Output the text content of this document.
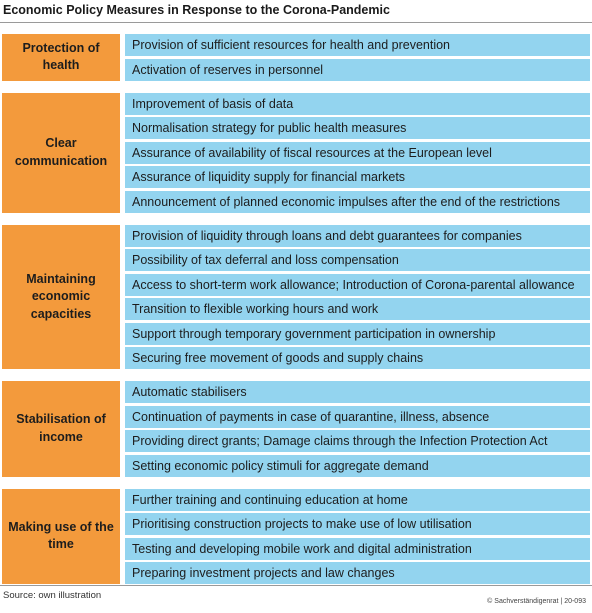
Economic Policy Measures in Response to the Corona-Pandemic
Protection of health
Provision of sufficient resources for health and prevention
Activation of reserves in personnel
Clear communication
Improvement of basis of data
Normalisation strategy for public health measures
Assurance of availability of fiscal resources at the European level
Assurance of liquidity supply for financial markets
Announcement of planned economic impulses after the end of the restrictions
Maintaining economic capacities
Provision of liquidity through loans and debt guarantees for companies
Possibility of tax deferral and loss compensation
Access to short-term work allowance; Introduction of Corona-parental allowance
Transition to flexible working hours and work
Support through temporary government participation in ownership
Securing free movement of goods and supply chains
Stabilisation of income
Automatic stabilisers
Continuation of payments in case of quarantine, illness, absence
Providing direct grants; Damage claims through the Infection Protection Act
Setting economic policy stimuli for aggregate demand
Making use of the time
Further training and continuing education at home
Prioritising construction projects to make use of low utilisation
Testing and developing mobile work and digital administration
Preparing investment projects and law changes
Source: own illustration
© Sachverständigenrat | 20-093
